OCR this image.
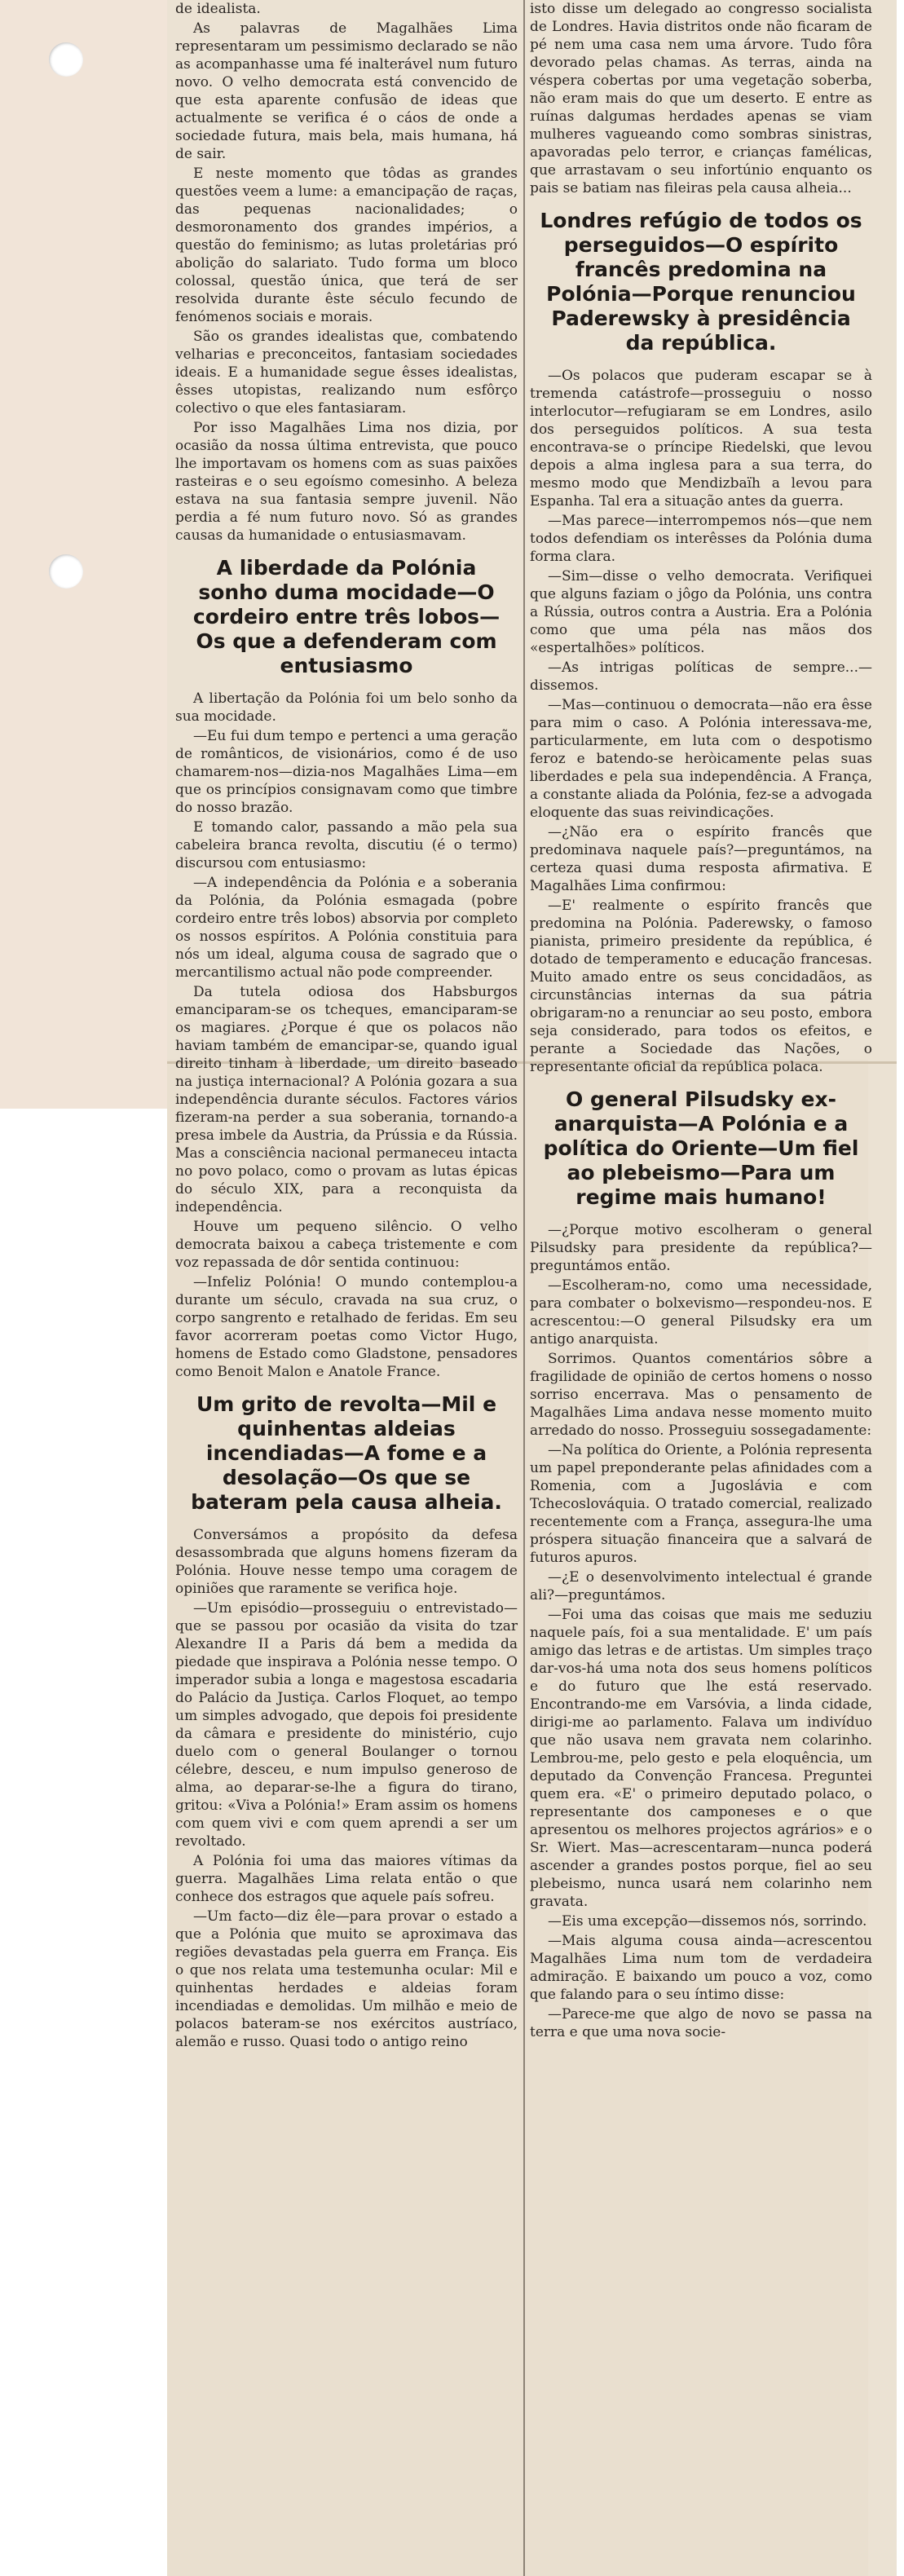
de idealista.

As palavras de Magalhães Lima representaram um pessimismo declarado se não as acompanhasse uma fé inalterável num futuro novo. O velho democrata está convencido de que esta aparente confusão de ideas que actualmente se verifica é o cáos de onde a sociedade futura, mais bela, mais humana, há de sair.

E neste momento que tôdas as grandes questões veem a lume: a emancipação de raças, das pequenas nacionalidades; o desmoronamento dos grandes impérios, a questão do feminismo; as lutas proletárias pró abolição do salariato. Tudo forma um bloco colossal, questão única, que terá de ser resolvida durante êste século fecundo de fenómenos sociais e morais.

São os grandes idealistas que, combatendo velharias e preconceitos, fantasiam sociedades ideais. E a humanidade segue êsses idealistas, êsses utopistas, realizando num esfôrço colectivo o que eles fantasiaram.

Por isso Magalhães Lima nos dizia, por ocasião da nossa última entrevista, que pouco lhe importavam os homens com as suas paixões rasteiras e o seu egoísmo comesinho. A beleza estava na sua fantasia sempre juvenil. Não perdia a fé num futuro novo. Só as grandes causas da humanidade o entusiasmavam.

A liberdade da Polónia sonho duma mocidade—O cordeiro entre três lobos—Os que a defenderam com entusiasmo

A libertação da Polónia foi um belo sonho da sua mocidade.

—Eu fui dum tempo e pertenci a uma geração de românticos, de visionários, como é de uso chamarem-nos—dizia-nos Magalhães Lima—em que os princípios consignavam como que timbre do nosso brazão.

E tomando calor, passando a mão pela sua cabeleira branca revolta, discutiu (é o termo) discursou com entusiasmo:

—A independência da Polónia e a soberania da Polónia, da Polónia esmagada (pobre cordeiro entre três lobos) absorvia por completo os nossos espíritos. A Polónia constituia para nós um ideal, alguma cousa de sagrado que o mercantilismo actual não pode compreender.

Da tutela odiosa dos Habsburgos emanciparam-se os tcheques, emanciparam-se os magiares. ¿Porque é que os polacos não haviam também de emancipar-se, quando igual direito tinham à liberdade, um direito baseado na justiça internacional? A Polónia gozara a sua independência durante séculos. Factores vários fizeram-na perder a sua soberania, tornando-a presa imbele da Austria, da Prússia e da Rússia. Mas a consciência nacional permaneceu intacta no povo polaco, como o provam as lutas épicas do século XIX, para a reconquista da independência.

Houve um pequeno silêncio. O velho democrata baixou a cabeça tristemente e com voz repassada de dôr sentida continuou:

—Infeliz Polónia! O mundo contemplou-a durante um século, cravada na sua cruz, o corpo sangrento e retalhado de feridas. Em seu favor acorreram poetas como Victor Hugo, homens de Estado como Gladstone, pensadores como Benoit Malon e Anatole France.

Um grito de revolta—Mil e quinhentas aldeias incendiadas—A fome e a desolação—Os que se bateram pela causa alheia.

Conversámos a propósito da defesa desassombrada que alguns homens fizeram da Polónia. Houve nesse tempo uma coragem de opiniões que raramente se verifica hoje.

—Um episódio—prosseguiu o entrevistado—que se passou por ocasião da visita do tzar Alexandre II a Paris dá bem a medida da piedade que inspirava a Polónia nesse tempo. O imperador subia a longa e magestosa escadaria do Palácio da Justiça. Carlos Floquet, ao tempo um simples advogado, que depois foi presidente da câmara e presidente do ministério, cujo duelo com o general Boulanger o tornou célebre, desceu, e num impulso generoso de alma, ao deparar-se-lhe a figura do tirano, gritou: «Viva a Polónia!» Eram assim os homens com quem vivi e com quem aprendi a ser um revoltado.

A Polónia foi uma das maiores vítimas da guerra. Magalhães Lima relata então o que conhece dos estragos que aquele país sofreu.

—Um facto—diz êle—para provar o estado a que a Polónia que muito se aproximava das regiões devastadas pela guerra em França. Eis o que nos relata uma testemunha ocular: Mil e quinhentas herdades e aldeias foram incendiadas e demolidas. Um milhão e meio de polacos bateram-se nos exércitos austríaco, alemão e russo. Quasi todo o antigo reino

isto disse um delegado ao congresso socialista de Londres. Havia distritos onde não ficaram de pé nem uma casa nem uma árvore. Tudo fôra devorado pelas chamas. As terras, ainda na véspera cobertas por uma vegetação soberba, não eram mais do que um deserto. E entre as ruínas dalgumas herdades apenas se viam mulheres vagueando como sombras sinistras, apavoradas pelo terror, e crianças famélicas, que arrastavam o seu infortúnio enquanto os pais se batiam nas fileiras pela causa alheia...

Londres refúgio de todos os perseguidos—O espírito francês predomina na Polónia—Porque renunciou Paderewsky à presidência da república.

—Os polacos que puderam escapar se à tremenda catástrofe—prosseguiu o nosso interlocutor—refugiaram se em Londres, asilo dos perseguidos políticos. A sua testa encontrava-se o príncipe Riedelski, que levou depois a alma inglesa para a sua terra, do mesmo modo que Mendizbaïh a levou para Espanha. Tal era a situação antes da guerra.

—Mas parece—interrompemos nós—que nem todos defendiam os interêsses da Polónia duma forma clara.

—Sim—disse o velho democrata. Verifiquei que alguns faziam o jôgo da Polónia, uns contra a Rússia, outros contra a Austria. Era a Polónia como que uma péla nas mãos dos «espertalhões» políticos.

—As intrigas políticas de sempre...—dissemos.

—Mas—continuou o democrata—não era êsse para mim o caso. A Polónia interessava-me, particularmente, em luta com o despotismo feroz e batendo-se heròicamente pelas suas liberdades e pela sua independência. A França, a constante aliada da Polónia, fez-se a advogada eloquente das suas reivindicações.

—¿Não era o espírito francês que predominava naquele país?—preguntámos, na certeza quasi duma resposta afirmativa. E Magalhães Lima confirmou:

—E' realmente o espírito francês que predomina na Polónia. Paderewsky, o famoso pianista, primeiro presidente da república, é dotado de temperamento e educação francesas. Muito amado entre os seus concidadãos, as circunstâncias internas da sua pátria obrigaram-no a renunciar ao seu posto, embora seja considerado, para todos os efeitos, e perante a Sociedade das Nações, o representante oficial da república polaca.

O general Pilsudsky ex-anarquista—A Polónia e a política do Oriente—Um fiel ao plebeismo—Para um regime mais humano!

—¿Porque motivo escolheram o general Pilsudsky para presidente da república?—preguntámos então.

—Escolheram-no, como uma necessidade, para combater o bolxevismo—respondeu-nos. E acrescentou:—O general Pilsudsky era um antigo anarquista.

Sorrimos. Quantos comentários sôbre a fragilidade de opinião de certos homens o nosso sorriso encerrava. Mas o pensamento de Magalhães Lima andava nesse momento muito arredado do nosso. Prosseguiu sossegadamente:

—Na política do Oriente, a Polónia representa um papel preponderante pelas afinidades com a Romenia, com a Jugoslávia e com Tchecoslováquia. O tratado comercial, realizado recentemente com a França, assegura-lhe uma próspera situação financeira que a salvará de futuros apuros.

—¿E o desenvolvimento intelectual é grande ali?—preguntámos.

—Foi uma das coisas que mais me seduziu naquele país, foi a sua mentalidade. E' um país amigo das letras e de artistas. Um simples traço dar-vos-há uma nota dos seus homens políticos e do futuro que lhe está reservado. Encontrando-me em Varsóvia, a linda cidade, dirigi-me ao parlamento. Falava um indivíduo que não usava nem gravata nem colarinho. Lembrou-me, pelo gesto e pela eloquência, um deputado da Convenção Francesa. Preguntei quem era. «E' o primeiro deputado polaco, o representante dos camponeses e o que apresentou os melhores projectos agrários» e o Sr. Wiert. Mas—acrescentaram—nunca poderá ascender a grandes postos porque, fiel ao seu plebeismo, nunca usará nem colarinho nem gravata.

—Eis uma excepção—dissemos nós, sorrindo.

—Mais alguma cousa ainda—acrescentou Magalhães Lima num tom de verdadeira admiração. E baixando um pouco a voz, como que falando para o seu íntimo disse:

—Parece-me que algo de novo se passa na terra e que uma nova socie-
